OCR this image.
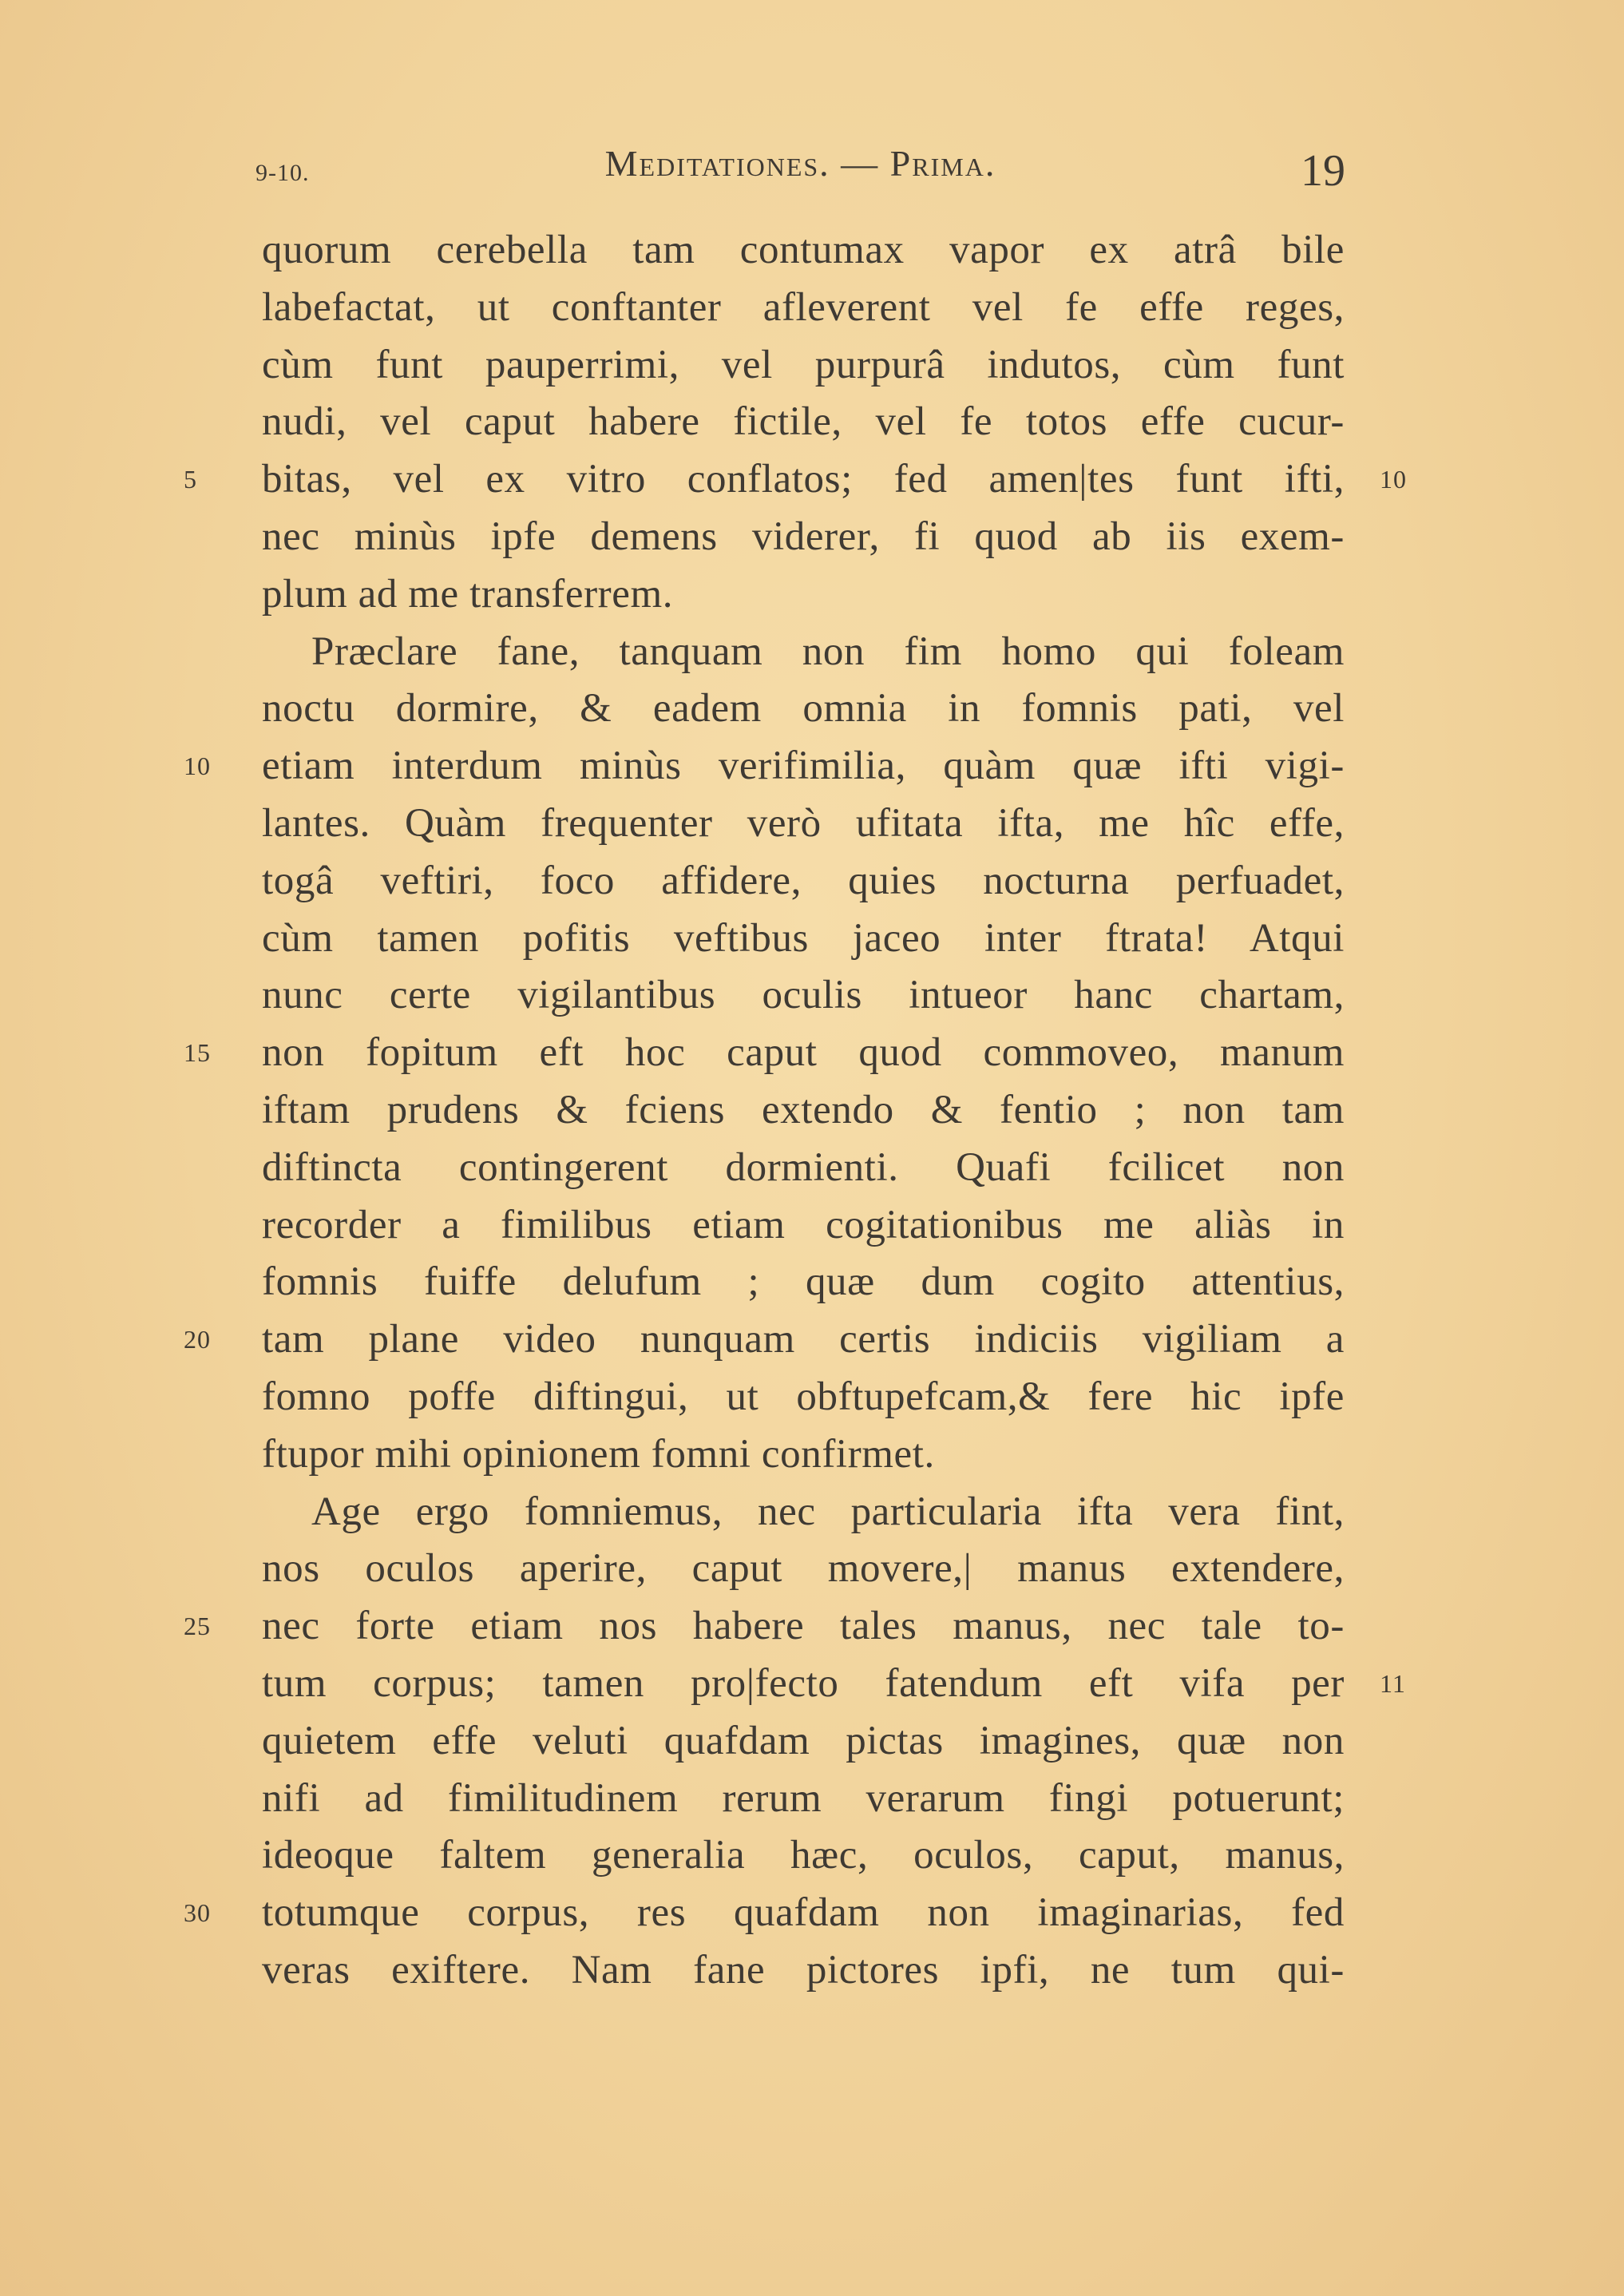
9-10.	Meditationes. — Prima.	19
quorum cerebella tam contumax vapor ex atrâ bile
labefactat, ut conftanter afleverent vel fe effe reges,
cùm funt pauperrimi, vel purpurâ indutos, cùm funt
nudi, vel caput habere fictile, vel fe totos effe cucur-
bitas, vel ex vitro conflatos; fed amen|tes funt ifti,
5	10
nec minùs ipfe demens viderer, fi quod ab iis exem-
plum ad me transferrem.
Præclare fane, tanquam non fim homo qui foleam
noctu dormire, & eadem omnia in fomnis pati, vel
etiam interdum minùs verifimilia, quàm quæ ifti vigi-
10
lantes. Quàm frequenter verò ufitata ifta, me hîc effe,
togâ veftiri, foco affidere, quies nocturna perfuadet,
cùm tamen pofitis veftibus jaceo inter ftrata! Atqui
nunc certe vigilantibus oculis intueor hanc chartam,
non fopitum eft hoc caput quod commoveo, manum
15
iftam prudens & fciens extendo & fentio ; non tam
diftincta contingerent dormienti. Quafi fcilicet non
recorder a fimilibus etiam cogitationibus me aliàs in
fomnis fuiffe delufum ; quæ dum cogito attentius,
tam plane video nunquam certis indiciis vigiliam a
20
fomno poffe diftingui, ut obftupefcam,& fere hic ipfe
ftupor mihi opinionem fomni confirmet.
Age ergo fomniemus, nec particularia ifta vera fint,
nos oculos aperire, caput movere,| manus extendere,
nec forte etiam nos habere tales manus, nec tale to-
25
tum corpus; tamen pro|fecto fatendum eft vifa per 11
quietem effe veluti quafdam pictas imagines, quæ non
nifi ad fimilitudinem rerum verarum fingi potuerunt;
ideoque faltem generalia hæc, oculos, caput, manus,
totumque corpus, res quafdam non imaginarias, fed
30
veras exiftere. Nam fane pictores ipfi, ne tum qui-
